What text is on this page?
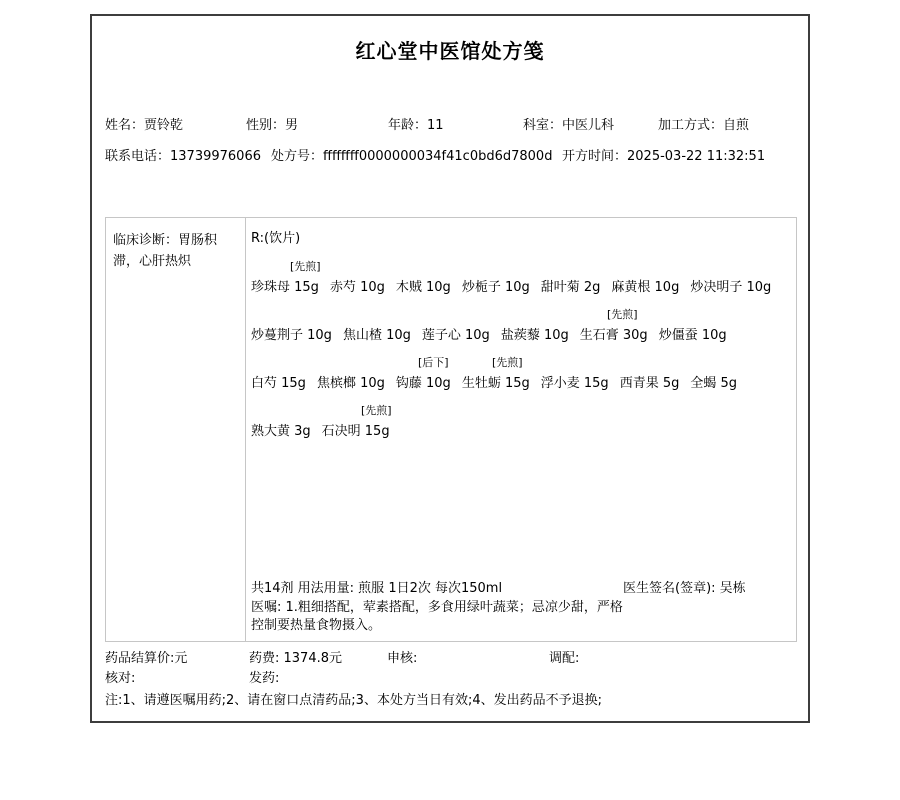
红心堂中医馆处方笺
姓名：贾铃乾	性别：男	年龄：11	科室：中医儿科	加工方式：自煎
联系电话：13739976066 处方号：ffffffff0000000034f41c0bd6d7800d 开方时间：2025-03-22 11:32:51
临床诊断：胃肠积滞，心肝热炽
R:(饮片)
[先煎]
珍珠母 15g 赤芍 10g 木贼 10g 炒栀子 10g 甜叶菊 2g 麻黄根 10g 炒决明子 10g
[先煎]
炒蔓荆子 10g 焦山楂 10g 莲子心 10g 盐蒺藜 10g 生石膏 30g 炒僵蚕 10g
[后下]	[先煎]
白芍 15g 焦槟榔 10g 钩藤 10g 生牡蛎 15g 浮小麦 15g 西青果 5g 全蝎 5g
[先煎]
熟大黄 3g 石决明 15g
共14剂 用法用量: 煎服 1日2次 每次150ml	医生签名(签章): 吴栋
医嘱: 1.粗细搭配，荤素搭配，多食用绿叶蔬菜；忌凉少甜，严格控制要热量食物摄入。
药品结算价:元	药费: 1374.8元	申核:	调配:
核对:	发药:
注:1、请遵医嘱用药;2、请在窗口点清药品;3、本处方当日有效;4、发出药品不予退换;
